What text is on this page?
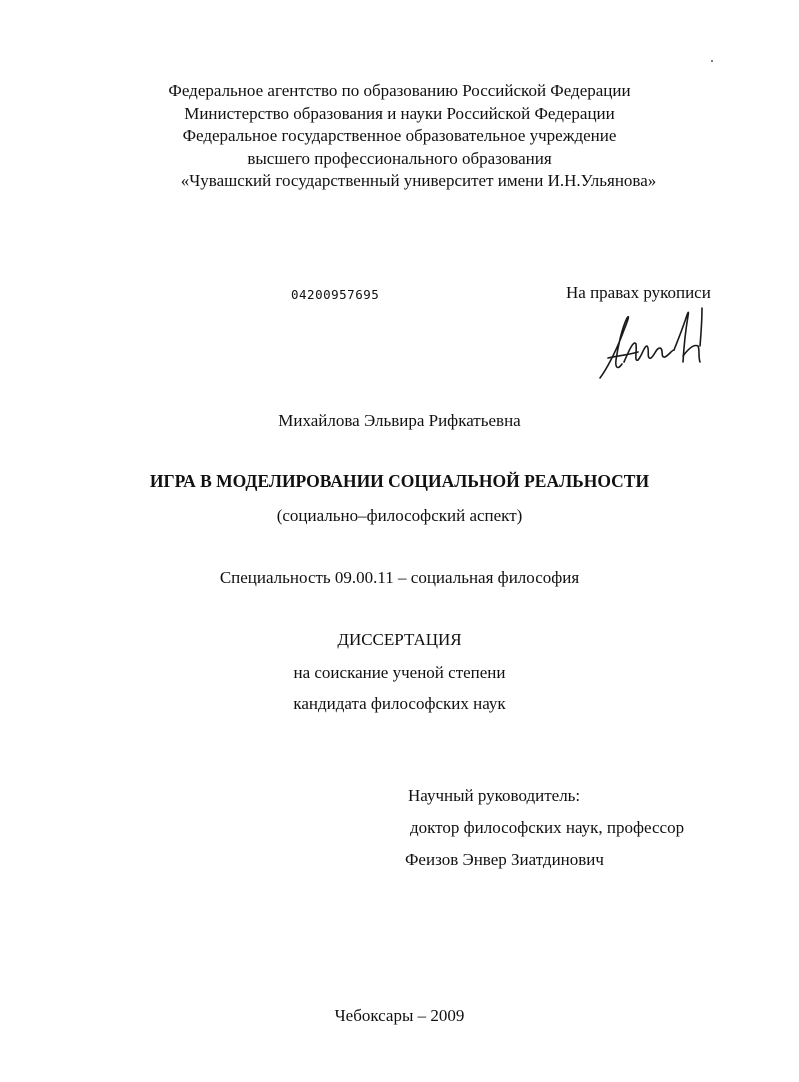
Федеральное агентство по образованию Российской Федерации
Министерство образования и науки Российской Федерации
Федеральное государственное образовательное учреждение
высшего профессионального образования
«Чувашский государственный университет имени И.Н.Ульянова»
04200957695	На правах рукописи
Михайлова Эльвира Рифкатьевна
ИГРА В МОДЕЛИРОВАНИИ СОЦИАЛЬНОЙ РЕАЛЬНОСТИ
(социально–философский аспект)
Специальность 09.00.11 – социальная философия
ДИССЕРТАЦИЯ
на соискание ученой степени
кандидата философских наук
Научный руководитель:
доктор философских наук, профессор
Феизов Энвер Зиатдинович
Чебоксары – 2009
